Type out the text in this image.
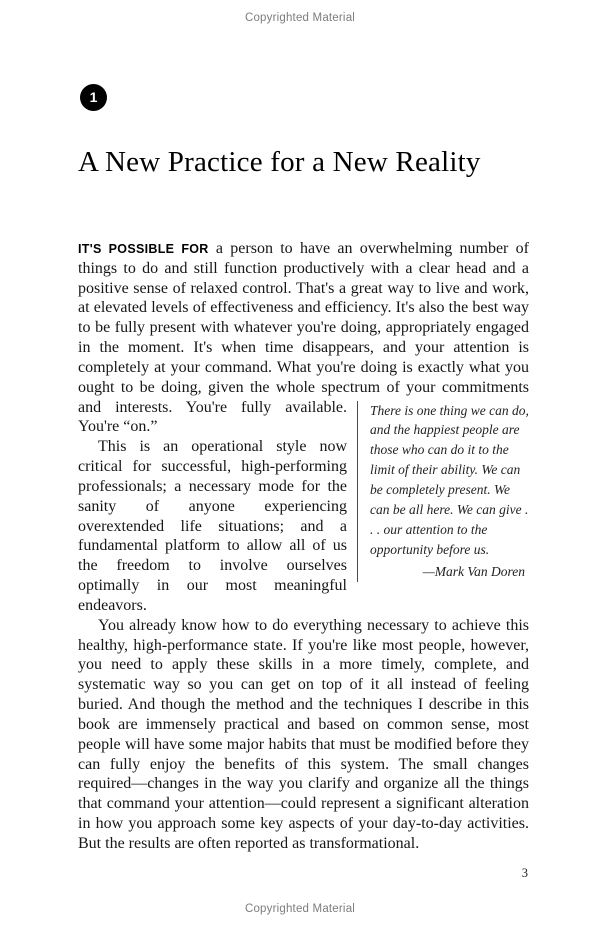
Copyrighted Material
1
A New Practice for a New Reality

IT'S POSSIBLE FOR a person to have an overwhelming number of things to do and still function productively with a clear head and a positive sense of relaxed control. That's a great way to live and work, at elevated levels of effectiveness and efficiency. It's also the best way to be fully present with whatever you're doing, appropriately engaged in the moment. It's when time disappears, and your attention is completely at your command. What you're doing is exactly what you ought to be doing, given the whole spectrum of
There is one thing we can do, and the happiest people are those who can do it to the limit of their ability. We can be completely present. We can be all here. We can give . . . our attention to the opportunity before us.
—Mark Van Doren
your commitments and interests. You're fully available. You're “on.”

This is an operational style now critical for successful, high-performing professionals; a necessary mode for the sanity of anyone experiencing overextended life situations; and a fundamental platform to allow all of us the freedom to involve ourselves optimally in our most meaningful endeavors.

You already know how to do everything necessary to achieve this healthy, high-performance state. If you're like most people, however, you need to apply these skills in a more timely, complete, and systematic way so you can get on top of it all instead of feeling buried. And though the method and the techniques I describe in this book are immensely practical and based on common sense, most people will have some major habits that must be modified before they can fully enjoy the benefits of this system. The small changes required—changes in the way you clarify and organize all the things that command your attention—could represent a significant alteration in how you approach some key aspects of your day-to-day activities. But the results are often reported as transformational.

3
Copyrighted Material
